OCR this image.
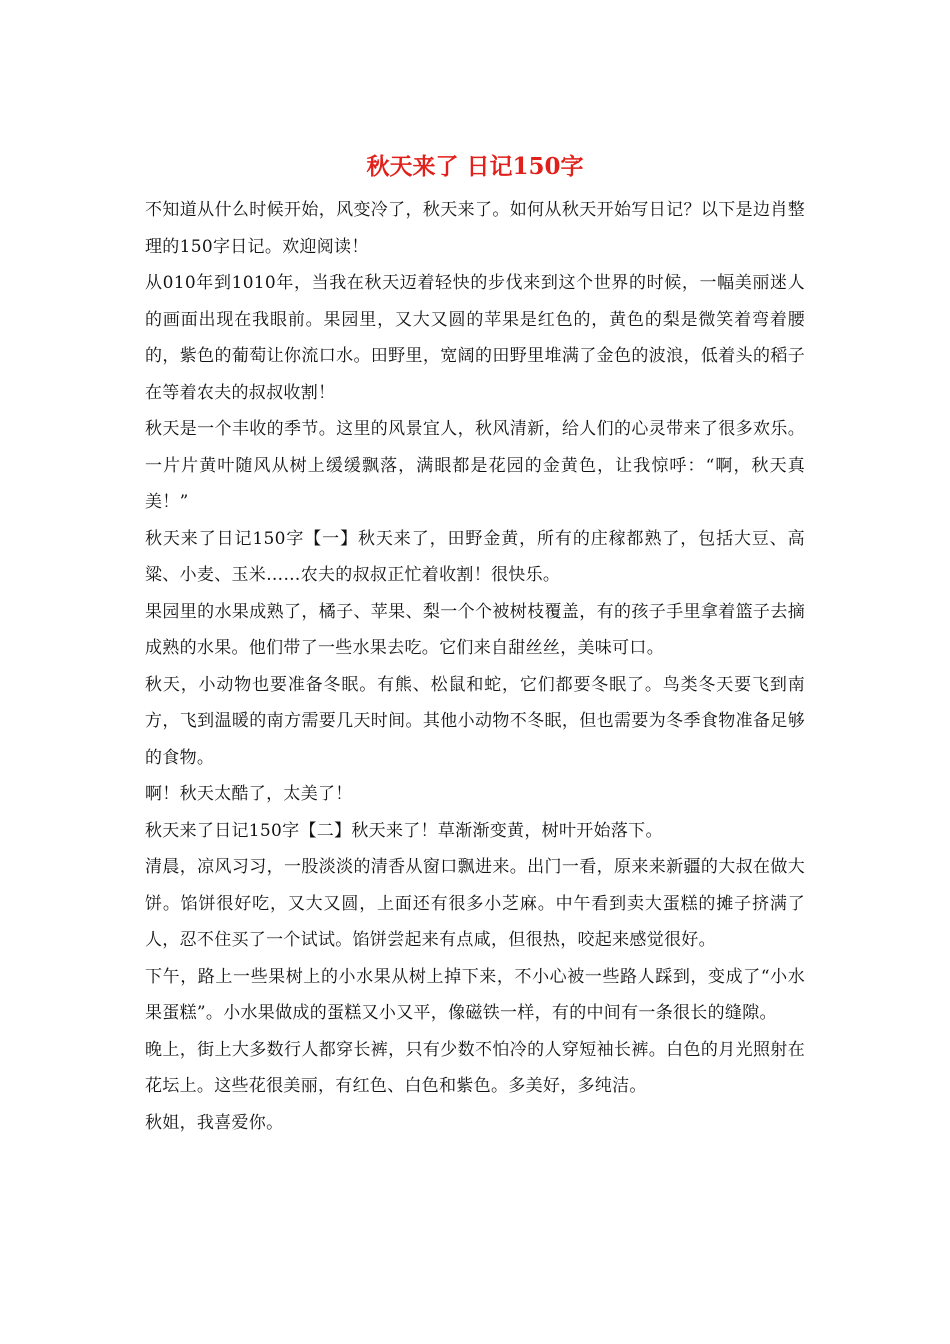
秋天来了 日记150字

不知道从什么时候开始，风变冷了，秋天来了。如何从秋天开始写日记？以下是边肖整理的150字日记。欢迎阅读！

从010年到1010年，当我在秋天迈着轻快的步伐来到这个世界的时候，一幅美丽迷人的画面出现在我眼前。果园里，又大又圆的苹果是红色的，黄色的梨是微笑着弯着腰的，紫色的葡萄让你流口水。田野里，宽阔的田野里堆满了金色的波浪，低着头的稻子在等着农夫的叔叔收割！

秋天是一个丰收的季节。这里的风景宜人，秋风清新，给人们的心灵带来了很多欢乐。一片片黄叶随风从树上缓缓飘落，满眼都是花园的金黄色，让我惊呼：“啊，秋天真美！”

秋天来了日记150字【一】秋天来了，田野金黄，所有的庄稼都熟了，包括大豆、高粱、小麦、玉米……农夫的叔叔正忙着收割！很快乐。

果园里的水果成熟了，橘子、苹果、梨一个个被树枝覆盖，有的孩子手里拿着篮子去摘成熟的水果。他们带了一些水果去吃。它们来自甜丝丝，美味可口。

秋天，小动物也要准备冬眠。有熊、松鼠和蛇，它们都要冬眠了。鸟类冬天要飞到南方，飞到温暖的南方需要几天时间。其他小动物不冬眠，但也需要为冬季食物准备足够的食物。

啊！秋天太酷了，太美了！

秋天来了日记150字【二】秋天来了！草渐渐变黄，树叶开始落下。

清晨，凉风习习，一股淡淡的清香从窗口飘进来。出门一看，原来来新疆的大叔在做大饼。馅饼很好吃，又大又圆，上面还有很多小芝麻。中午看到卖大蛋糕的摊子挤满了人，忍不住买了一个试试。馅饼尝起来有点咸，但很热，咬起来感觉很好。

下午，路上一些果树上的小水果从树上掉下来，不小心被一些路人踩到，变成了“小水果蛋糕”。小水果做成的蛋糕又小又平，像磁铁一样，有的中间有一条很长的缝隙。

晚上，街上大多数行人都穿长裤，只有少数不怕冷的人穿短袖长裤。白色的月光照射在花坛上。这些花很美丽，有红色、白色和紫色。多美好，多纯洁。

秋姐，我喜爱你。
